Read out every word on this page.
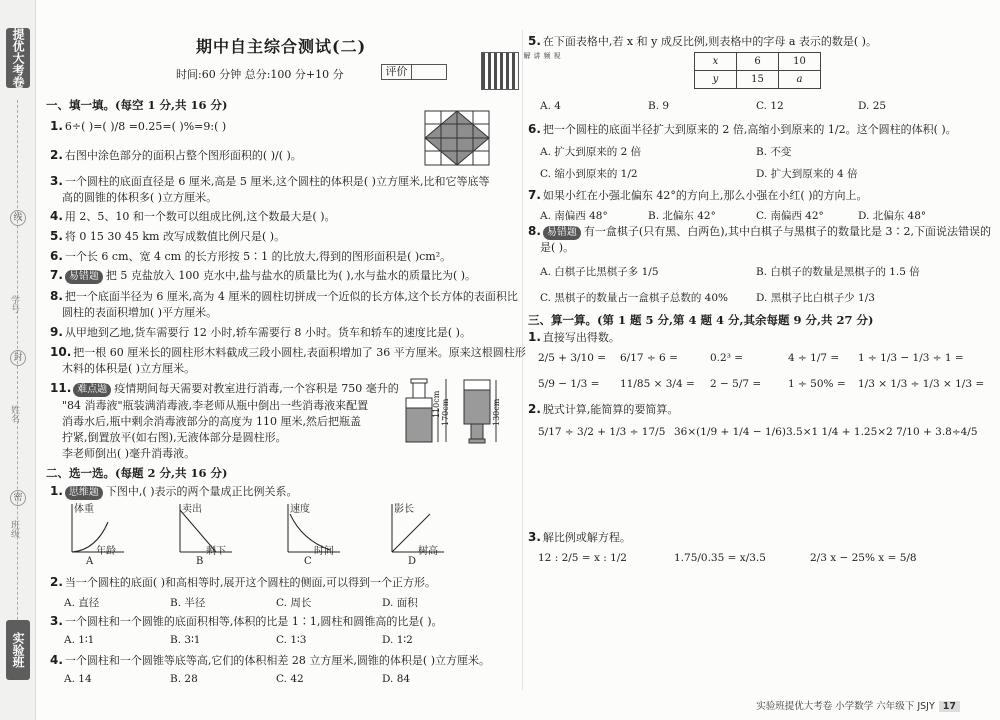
提优大考卷
线
封
密
学号
姓名
班级
实验班
期中自主综合测试(二)
时间:60 分钟 总分:100 分+10 分	评价
视频讲解
一、填一填。(每空 1 分,共 16 分)
1. 6÷( )=( )/8 =0.25=( )%=9:( )
2. 右图中涂色部分的面积占整个图形面积的( )/( )。
3. 一个圆柱的底面直径是 6 厘米,高是 5 厘米,这个圆柱的体积是( )立方厘米,比和它等底等
高的圆锥的体积多( )立方厘米。
4. 用 2、5、10 和一个数可以组成比例,这个数最大是( )。
5. 将 0 15 30 45 km 改写成数值比例尺是( )。
6. 一个长 6 cm、宽 4 cm 的长方形按 5∶1 的比放大,得到的图形面积是( )cm²。
7. 易错题 把 5 克盐放入 100 克水中,盐与盐水的质量比为( ),水与盐水的质量比为( )。
8. 把一个底面半径为 6 厘米,高为 4 厘米的圆柱切拼成一个近似的长方体,这个长方体的表面积比
圆柱的表面积增加( )平方厘米。
9. 从甲地到乙地,货车需要行 12 小时,轿车需要行 8 小时。货车和轿车的速度比是( )。
10. 把一根 60 厘米长的圆柱形木料截成三段小圆柱,表面积增加了 36 平方厘米。原来这根圆柱形
木料的体积是( )立方厘米。
11. 难点题 疫情期间每天需要对教室进行消毒,一个容积是 750 毫升的
"84 消毒液"瓶装满消毒液,李老师从瓶中倒出一些消毒液来配置
消毒水后,瓶中剩余消毒液部分的高度为 110 厘米,然后把瓶盖
拧紧,倒置放平(如右图),无液体部分是圆柱形。
李老师倒出( )毫升消毒液。
110cm 170cm	130cm
二、选一选。(每题 2 分,共 16 分)
1. 思维题 下图中,( )表示的两个量成正比例关系。
体重
年龄
A
卖出
剩下
B
速度
时间
C
影长
树高
D
2. 当一个圆柱的底面( )和高相等时,展开这个圆柱的侧面,可以得到一个正方形。
A. 直径	B. 半径	C. 周长	D. 面积
3. 一个圆柱和一个圆锥的底面积相等,体积的比是 1∶1,圆柱和圆锥高的比是( )。
A. 1∶1	B. 3∶1	C. 1∶3	D. 1∶2
4. 一个圆柱和一个圆锥等底等高,它们的体积相差 28 立方厘米,圆锥的体积是( )立方厘米。
A. 14	B. 28	C. 42	D. 84
5. 在下面表格中,若 x 和 y 成反比例,则表格中的字母 a 表示的数是( )。
x	6	10
y	15	a
A. 4	B. 9	C. 12	D. 25
6. 把一个圆柱的底面半径扩大到原来的 2 倍,高缩小到原来的 1/2。这个圆柱的体积( )。
A. 扩大到原来的 2 倍	B. 不变
C. 缩小到原来的 1/2	D. 扩大到原来的 4 倍
7. 如果小红在小强北偏东 42°的方向上,那么小强在小红( )的方向上。
A. 南偏西 48°	B. 北偏东 42°	C. 南偏西 42°	D. 北偏东 48°
8. 易错题 有一盒棋子(只有黑、白两色),其中白棋子与黑棋子的数量比是 3∶2,下面说法错误的
是( )。
A. 白棋子比黑棋子多 1/5	B. 白棋子的数量是黑棋子的 1.5 倍
C. 黑棋子的数量占一盒棋子总数的 40%	D. 黑棋子比白棋子少 1/3
三、算一算。(第 1 题 5 分,第 4 题 4 分,其余每题 9 分,共 27 分)
1. 直接写出得数。
2/5 + 3/10 = 6/17 ÷ 6 =	0.2³ =	4 ÷ 1/7 = 1 ÷ 1/3 − 1/3 ÷ 1 =
5/9 − 1/3 = 11/85 × 3/4 = 2 − 5/7 =	1 ÷ 50% = 1/3 × 1/3 ÷ 1/3 × 1/3 =
2. 脱式计算,能简算的要简算。
5/17 ÷ 3/2 + 1/3 ÷ 17/5 36×(1/9 + 1/4 − 1/6) 3.5×1 1/4 + 1.25×2 7/10 + 3.8÷4/5
3. 解比例或解方程。
12 : 2/5 = x : 1/2	1.75/0.35 = x/3.5	2/3 x − 25% x = 5/8
实验班提优大考卷 小学数学 六年级下 JSJY 17
